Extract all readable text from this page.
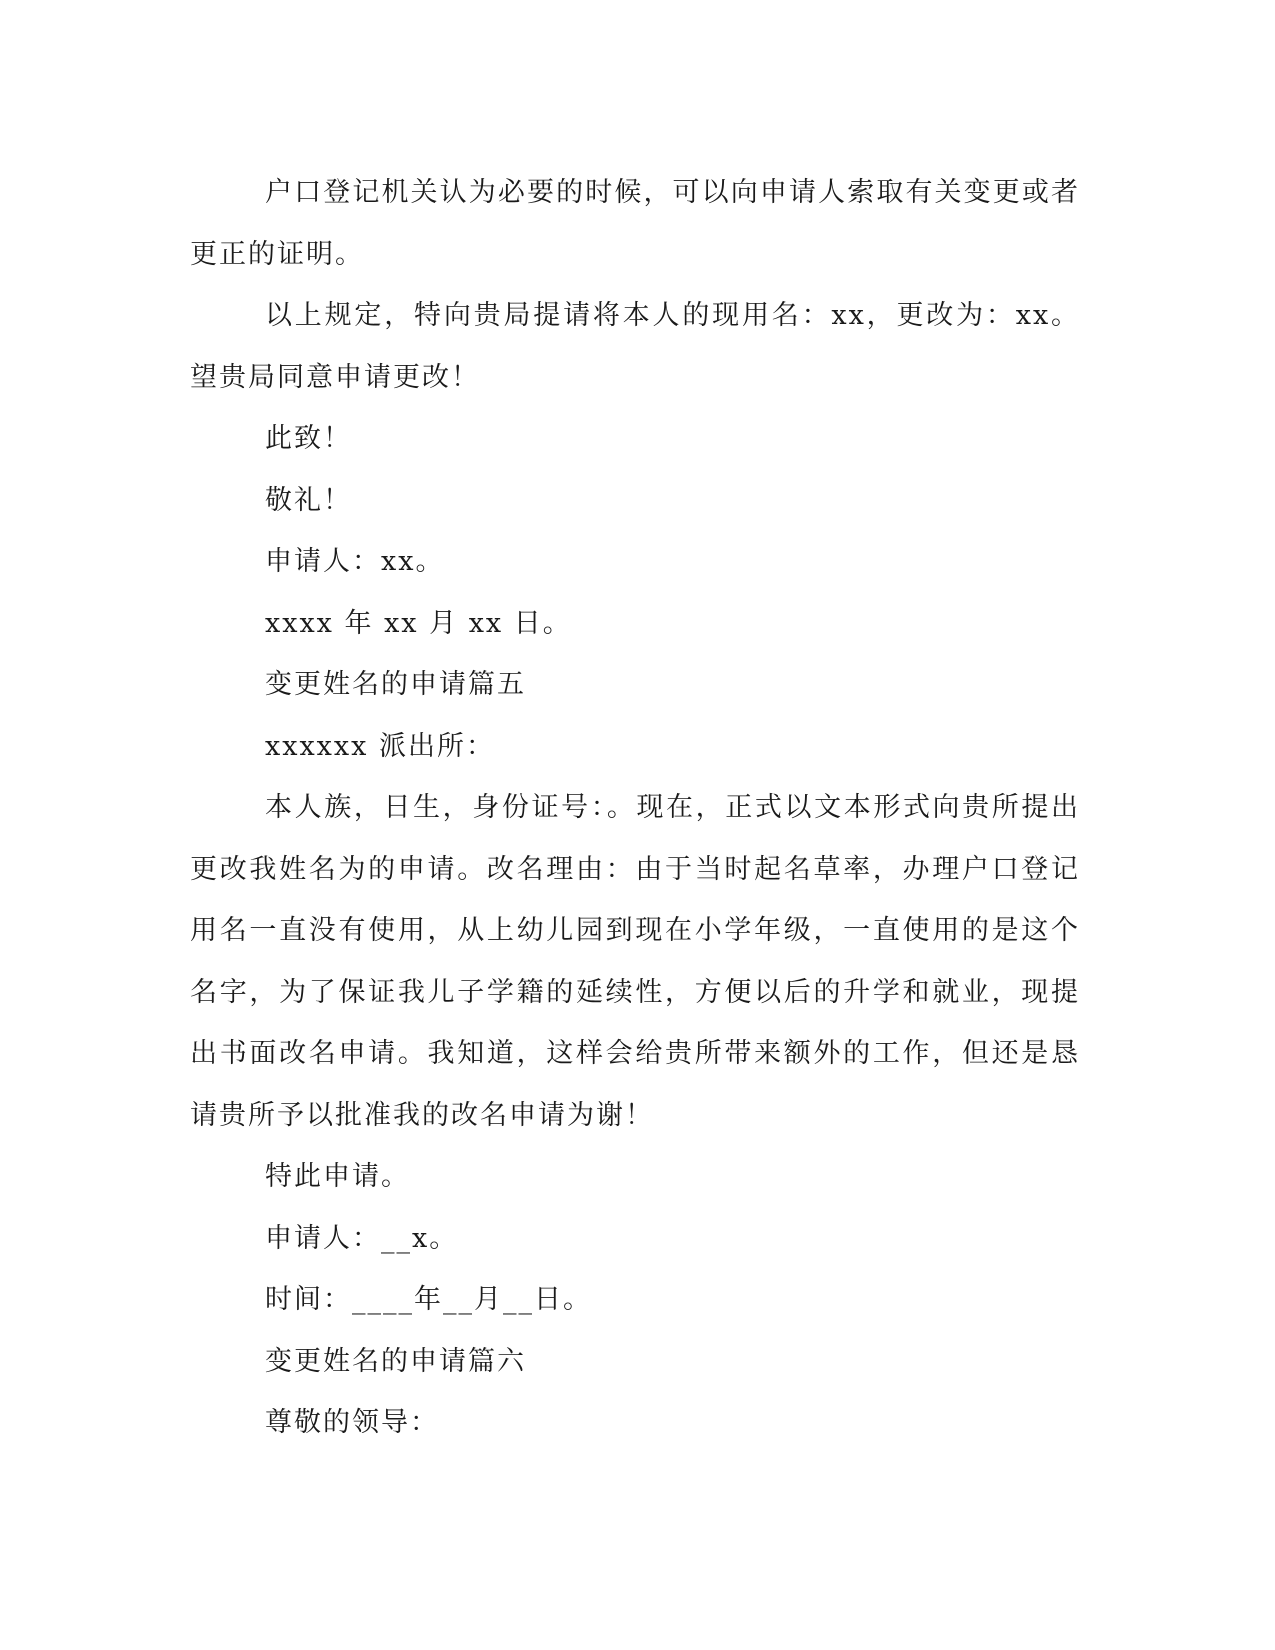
户口登记机关认为必要的时候，可以向申请人索取有关变更或者更正的证明。

以上规定，特向贵局提请将本人的现用名：xx，更改为：xx。望贵局同意申请更改！

此致！

敬礼！

申请人：xx。

xxxx 年 xx 月 xx 日。

变更姓名的申请篇五

xxxxxx 派出所：

本人族，日生，身份证号：。现在，正式以文本形式向贵所提出更改我姓名为的申请。改名理由：由于当时起名草率，办理户口登记用名一直没有使用，从上幼儿园到现在小学年级，一直使用的是这个名字，为了保证我儿子学籍的延续性，方便以后的升学和就业，现提出书面改名申请。我知道，这样会给贵所带来额外的工作，但还是恳请贵所予以批准我的改名申请为谢！

特此申请。

申请人：__x。

时间：____年__月__日。

变更姓名的申请篇六

尊敬的领导：
